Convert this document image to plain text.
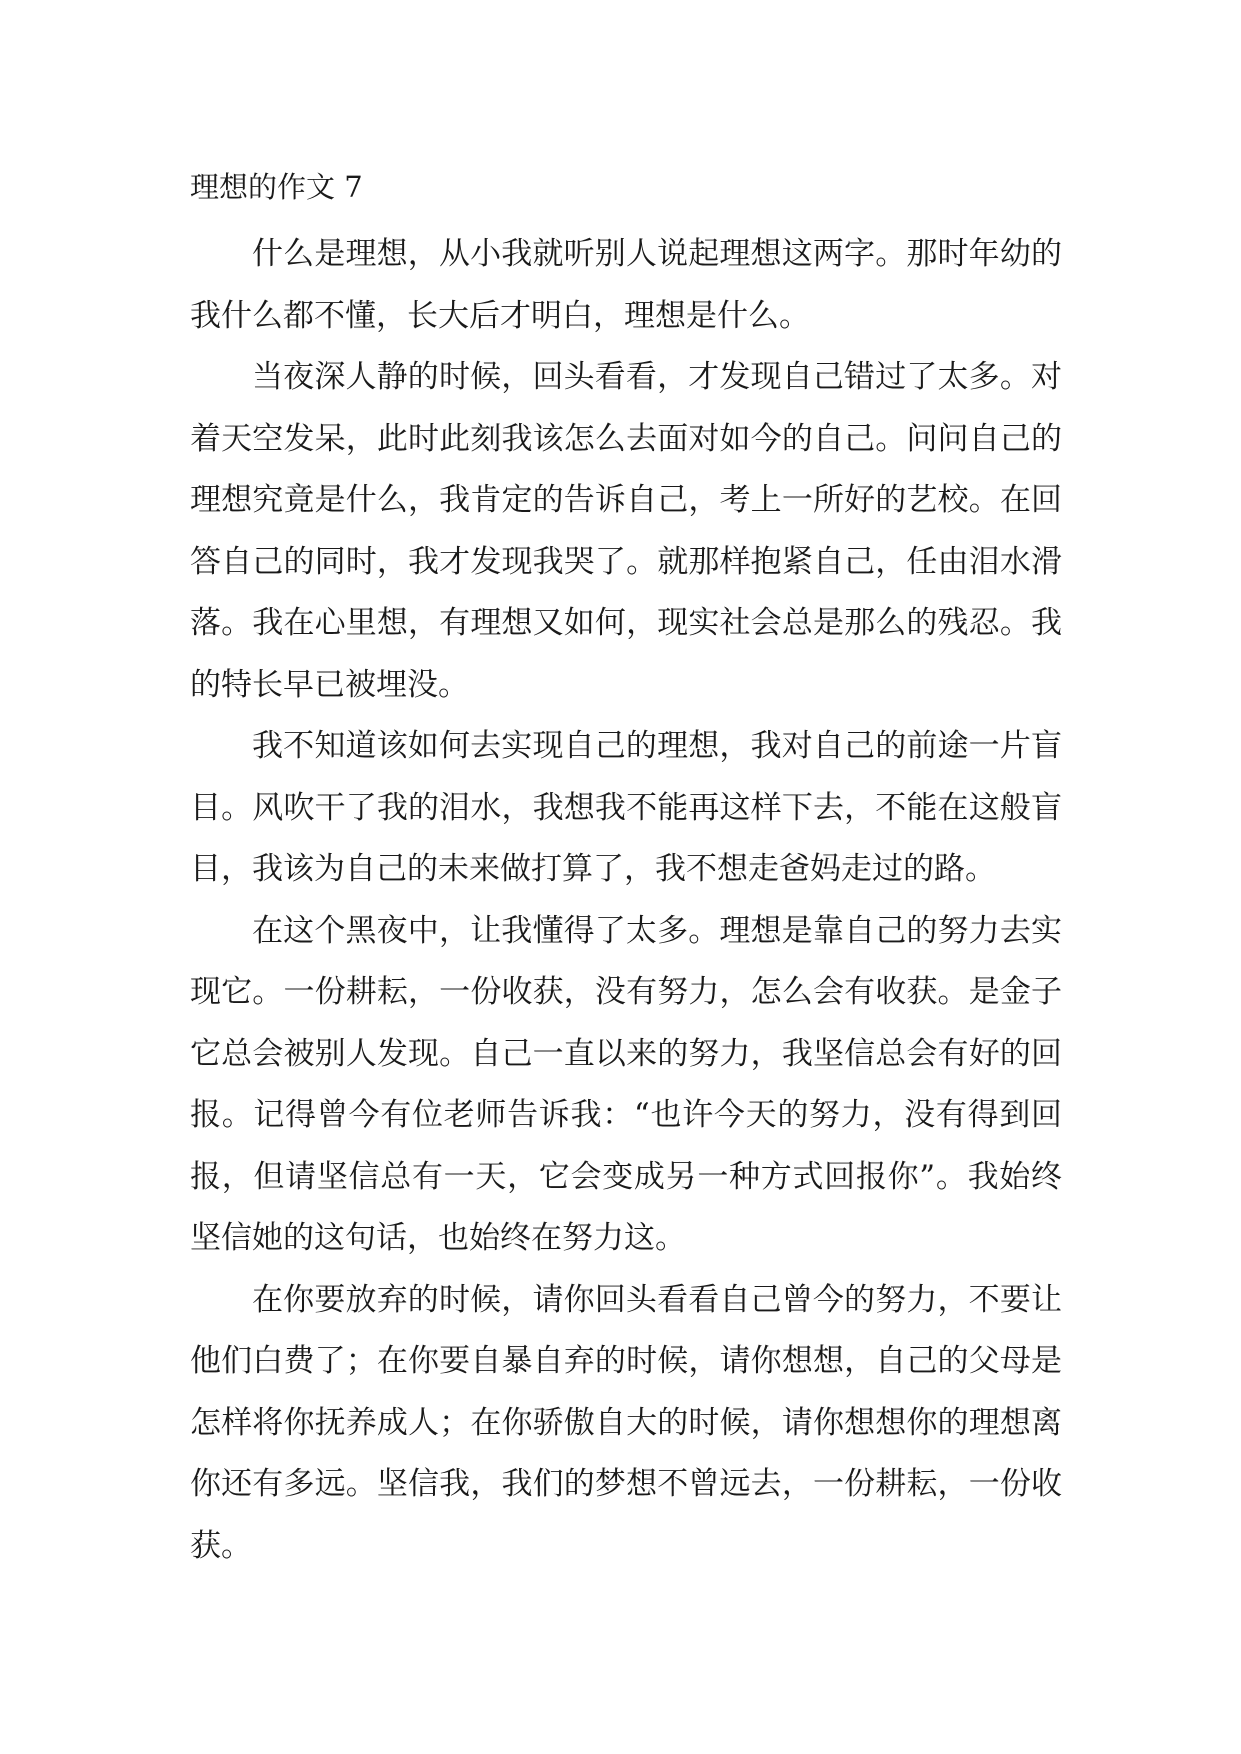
理想的作文 7

什么是理想，从小我就听别人说起理想这两字。那时年幼的我什么都不懂，长大后才明白，理想是什么。

当夜深人静的时候，回头看看，才发现自己错过了太多。对着天空发呆，此时此刻我该怎么去面对如今的自己。问问自己的理想究竟是什么，我肯定的告诉自己，考上一所好的艺校。在回答自己的同时，我才发现我哭了。就那样抱紧自己，任由泪水滑落。我在心里想，有理想又如何，现实社会总是那么的残忍。我的特长早已被埋没。

我不知道该如何去实现自己的理想，我对自己的前途一片盲目。风吹干了我的泪水，我想我不能再这样下去，不能在这般盲目，我该为自己的未来做打算了，我不想走爸妈走过的路。

在这个黑夜中，让我懂得了太多。理想是靠自己的努力去实现它。一份耕耘，一份收获，没有努力，怎么会有收获。是金子它总会被别人发现。自己一直以来的努力，我坚信总会有好的回报。记得曾今有位老师告诉我：“也许今天的努力，没有得到回报，但请坚信总有一天，它会变成另一种方式回报你”。我始终坚信她的这句话，也始终在努力这。

在你要放弃的时候，请你回头看看自己曾今的努力，不要让他们白费了；在你要自暴自弃的时候，请你想想，自己的父母是怎样将你抚养成人；在你骄傲自大的时候，请你想想你的理想离你还有多远。坚信我，我们的梦想不曾远去，一份耕耘，一份收获。
